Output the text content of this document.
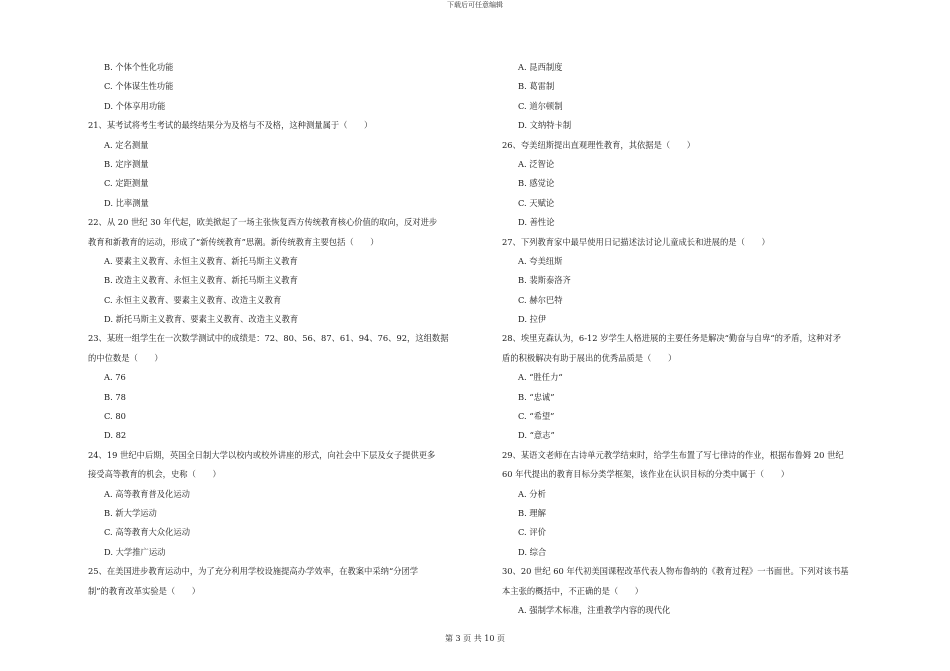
下载后可任意编辑
B. 个体个性化功能
C. 个体谋生性功能
D. 个体享用功能
21、某考试将考生考试的最终结果分为及格与不及格，这种测量属于（　　）
A. 定名测量
B. 定序测量
C. 定距测量
D. 比率测量
22、从 20 世纪 30 年代起，欧美掀起了一场主张恢复西方传统教育核心价值的取向，反对进步
教育和新教育的运动，形成了“新传统教育”思潮。新传统教育主要包括（　　）
A. 要素主义教育、永恒主义教育、新托马斯主义教育
B. 改造主义教育、永恒主义教育、新托马斯主义教育
C. 永恒主义教育、要素主义教育、改造主义教育
D. 新托马斯主义教育、要素主义教育、改造主义教育
23、某班一组学生在一次数学测试中的成绩是：72、80、56、87、61、94、76、92，这组数据
的中位数是（　　）
A. 76
B. 78
C. 80
D. 82
24、19 世纪中后期，英国全日制大学以校内或校外讲座的形式，向社会中下层及女子提供更多
接受高等教育的机会，史称（　　）
A. 高等教育普及化运动
B. 新大学运动
C. 高等教育大众化运动
D. 大学推广运动
25、在美国进步教育运动中，为了充分利用学校设施提高办学效率，在教案中采纳“分团学
制”的教育改革实验是（　　）
A. 昆西制度
B. 葛雷制
C. 道尔顿制
D. 文纳特卡制
26、夸美纽斯提出直观理性教育，其依据是（　　）
A. 泛智论
B. 感觉论
C. 天赋论
D. 善性论
27、下列教育家中最早使用日记描述法讨论儿童成长和进展的是（　　）
A. 夸美纽斯
B. 裴斯泰洛齐
C. 赫尔巴特
D. 拉伊
28、埃里克森认为，6-12 岁学生人格进展的主要任务是解决“勤奋与自卑“的矛盾，这种对矛
盾的积极解决有助于展出的优秀品质是（　　）
A. “胜任力“
B. “忠诚”
C. “希望”
D. “意志”
29、某语文老师在古诗单元教学结束时，给学生布置了写七律诗的作业，根据布鲁姆 20 世纪
60 年代提出的教育目标分类学框架，该作业在认识目标的分类中属于（　　）
A. 分析
B. 理解
C. 评价
D. 综合
30、20 世纪 60 年代初美国课程改革代表人物布鲁纳的《教育过程》一书面世。下列对该书基
本主张的概括中，不正确的是（　　）
A. 强制学术标准，注重教学内容的现代化
第 3 页 共 10 页
